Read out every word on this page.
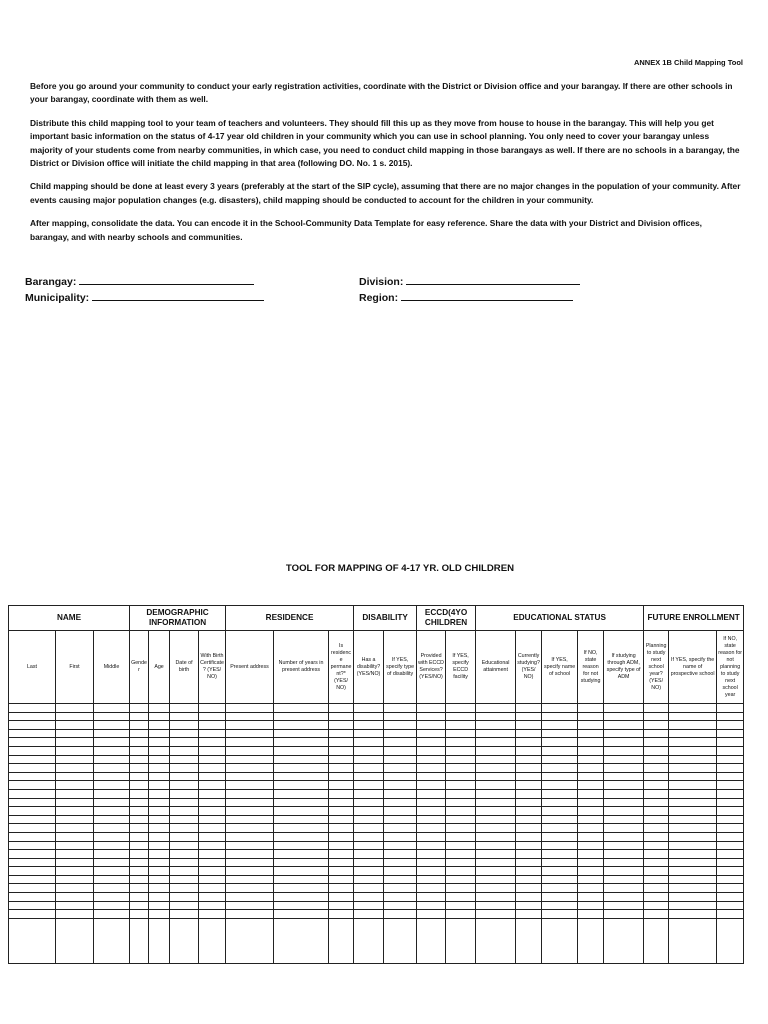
ANNEX 1B Child Mapping Tool

Before you go around your community to conduct your early registration activities, coordinate with the District or Division office and your barangay. If there are other schools in your barangay, coordinate with them as well.

Distribute this child mapping tool to your team of teachers and volunteers. They should fill this up as they move from house to house in the barangay. This will help you get important basic information on the status of 4-17 year old children in your community which you can use in school planning. You only need to cover your barangay unless majority of your students come from nearby communities, in which case, you need to conduct child mapping in those barangays as well. If there are no schools in a barangay, the District or Division office will initiate the child mapping in that area (following DO. No. 1 s. 2015).

Child mapping should be done at least every 3 years (preferably at the start of the SIP cycle), assuming that there are no major changes in the population of your community. After events causing major population changes (e.g. disasters), child mapping should be conducted to account for the children in your community.

After mapping, consolidate the data. You can encode it in the School-Community Data Template for easy reference. Share the data with your District and Division offices, barangay, and with nearby schools and communities.

Barangay:
Municipality:
Division:
Region:
TOOL FOR MAPPING OF 4-17 YR. OLD CHILDREN
NAME			DEMOGRAPHIC INFORMATION				RESIDENCE			DISABILITY		ECCD(4YO CHILDREN		EDUCATIONAL STATUS					FUTURE ENROLLMENT		
Last	First	Middle	Gender	Age	Date of birth	With Birth Certificate? (YES/ NO)	Present address	Number of years in present address	Is residence permanent?* (YES/ NO)	Has a disability? (YES/NO)	If YES, specify type of disability	Provided with ECCD Services? (YES/NO)	If YES, specify ECCD facility	Educational attainment	Currently studying? (YES/ NO)	If YES, specify name of school	If NO, state reason for not studying	If studying through ADM, specify type of ADM	Planning to study next school year? (YES/ NO)	If YES, specify the name of prospective school	If NO, state reason for not planning to study next school year
